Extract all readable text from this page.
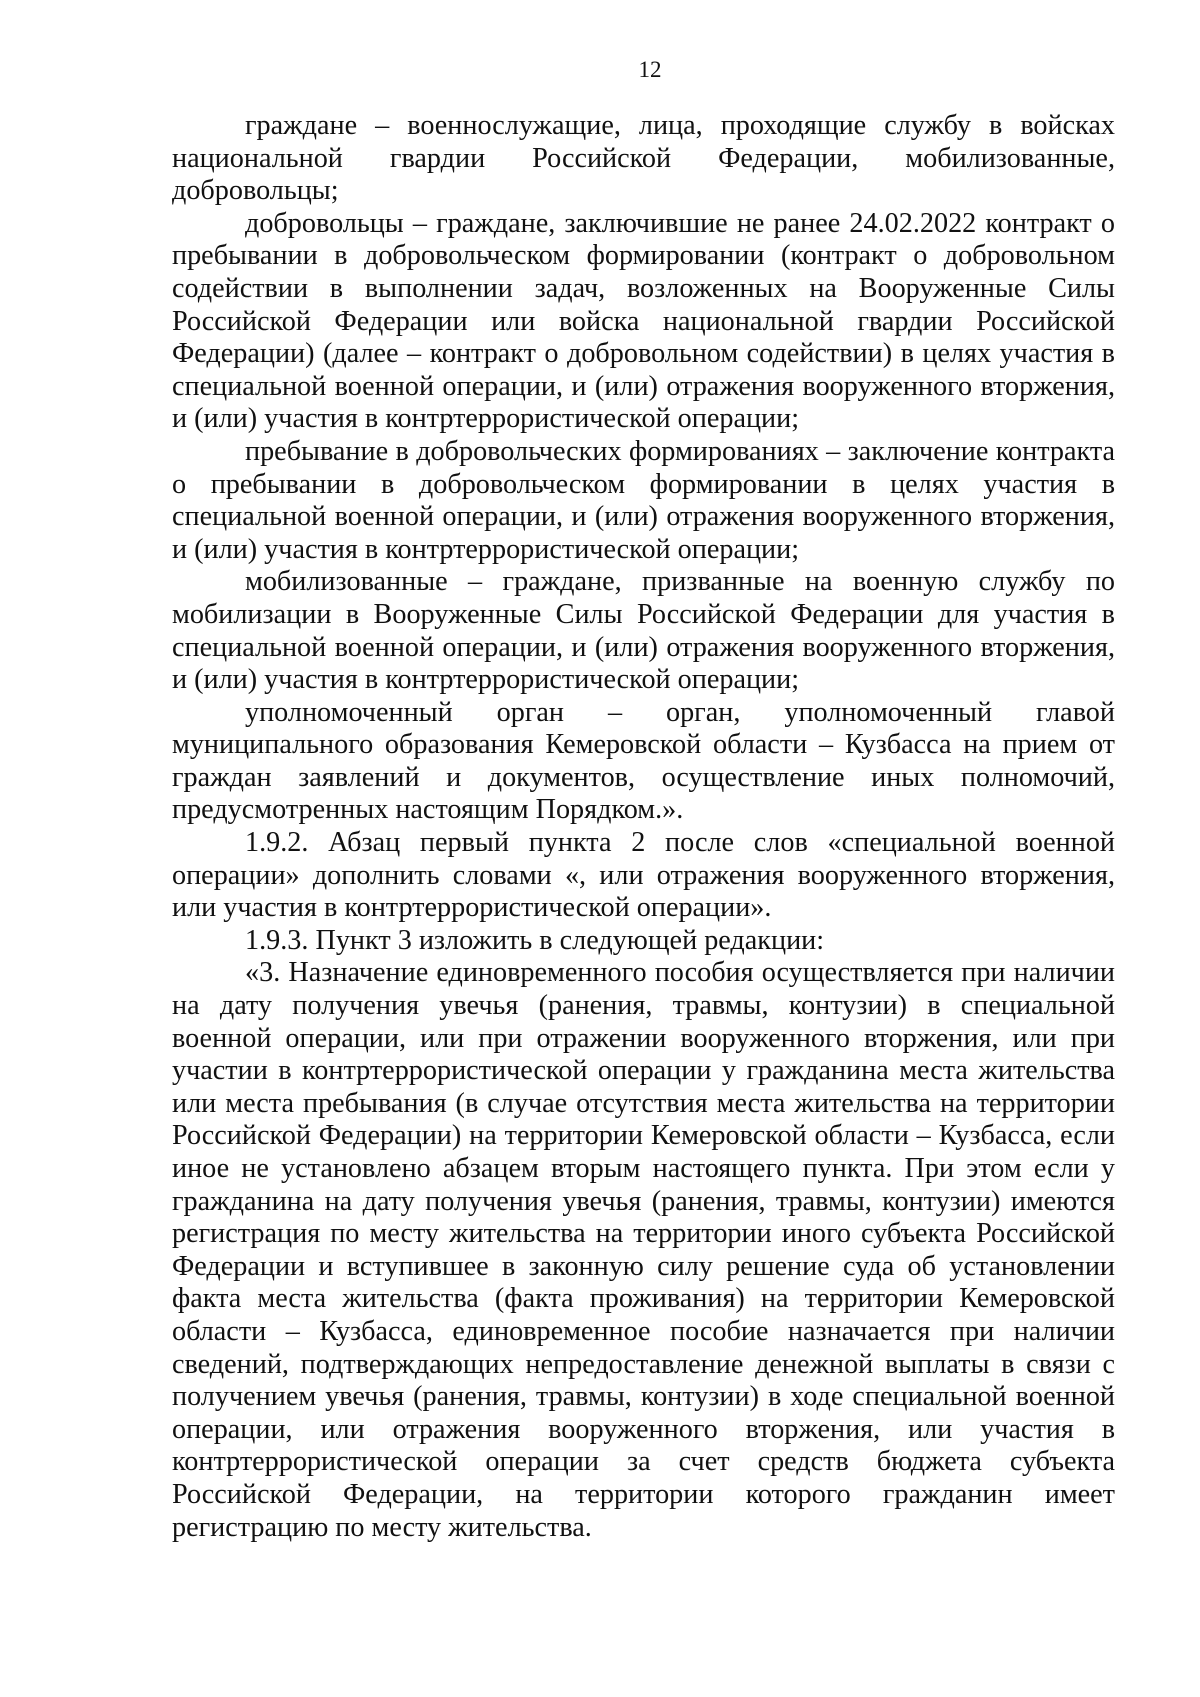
12

граждане – военнослужащие, лица, проходящие службу в войсках национальной гвардии Российской Федерации, мобилизованные, добровольцы;

добровольцы – граждане, заключившие не ранее 24.02.2022 контракт о пребывании в добровольческом формировании (контракт о добровольном содействии в выполнении задач, возложенных на Вооруженные Силы Российской Федерации или войска национальной гвардии Российской Федерации) (далее – контракт о добровольном содействии) в целях участия в специальной военной операции, и (или) отражения вооруженного вторжения, и (или) участия в контртеррористической операции;

пребывание в добровольческих формированиях – заключение контракта о пребывании в добровольческом формировании в целях участия в специальной военной операции, и (или) отражения вооруженного вторжения, и (или) участия в контртеррористической операции;

мобилизованные – граждане, призванные на военную службу по мобилизации в Вооруженные Силы Российской Федерации для участия в специальной военной операции, и (или) отражения вооруженного вторжения, и (или) участия в контртеррористической операции;

уполномоченный орган – орган, уполномоченный главой муниципального образования Кемеровской области – Кузбасса на прием от граждан заявлений и документов, осуществление иных полномочий, предусмотренных настоящим Порядком.».

1.9.2. Абзац первый пункта 2 после слов «специальной военной операции» дополнить словами «, или отражения вооруженного вторжения, или участия в контртеррористической операции».

1.9.3. Пункт 3 изложить в следующей редакции:

«3. Назначение единовременного пособия осуществляется при наличии на дату получения увечья (ранения, травмы, контузии) в специальной военной операции, или при отражении вооруженного вторжения, или при участии в контртеррористической операции у гражданина места жительства или места пребывания (в случае отсутствия места жительства на территории Российской Федерации) на территории Кемеровской области – Кузбасса, если иное не установлено абзацем вторым настоящего пункта. При этом если у гражданина на дату получения увечья (ранения, травмы, контузии) имеются регистрация по месту жительства на территории иного субъекта Российской Федерации и вступившее в законную силу решение суда об установлении факта места жительства (факта проживания) на территории Кемеровской области – Кузбасса, единовременное пособие назначается при наличии сведений, подтверждающих непредоставление денежной выплаты в связи с получением увечья (ранения, травмы, контузии) в ходе специальной военной операции, или отражения вооруженного вторжения, или участия в контртеррористической операции за счет средств бюджета субъекта Российской Федерации, на территории которого гражданин имеет регистрацию по месту жительства.
